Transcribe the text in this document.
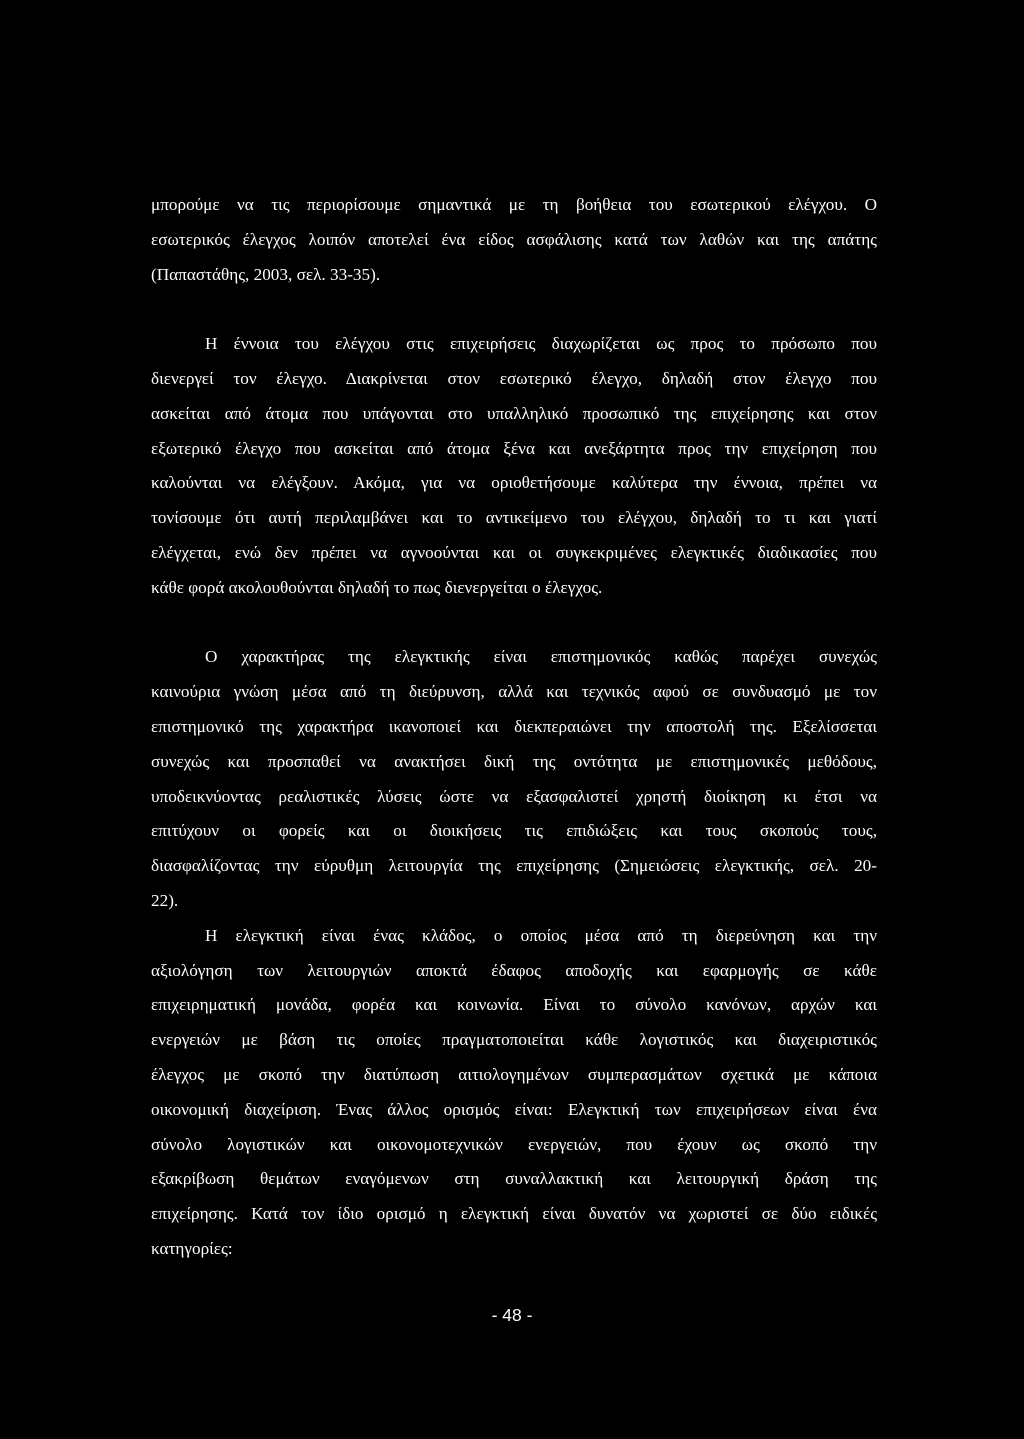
μπορούμε να τις περιορίσουμε σημαντικά με τη βοήθεια του εσωτερικού ελέγχου. Ο
εσωτερικός έλεγχος λοιπόν αποτελεί ένα είδος ασφάλισης κατά των λαθών και της απάτης
(Παπαστάθης, 2003, σελ. 33-35).
Η έννοια του ελέγχου στις επιχειρήσεις διαχωρίζεται ως προς το πρόσωπο που
διενεργεί τον έλεγχο. Διακρίνεται στον εσωτερικό έλεγχο, δηλαδή στον έλεγχο που
ασκείται από άτομα που υπάγονται στο υπαλληλικό προσωπικό της επιχείρησης και στον
εξωτερικό έλεγχο που ασκείται από άτομα ξένα και ανεξάρτητα προς την επιχείρηση που
καλούνται να ελέγξουν. Ακόμα, για να οριοθετήσουμε καλύτερα την έννοια, πρέπει να
τονίσουμε ότι αυτή περιλαμβάνει και το αντικείμενο του ελέγχου, δηλαδή το τι και γιατί
ελέγχεται, ενώ δεν πρέπει να αγνοούνται και οι συγκεκριμένες ελεγκτικές διαδικασίες που
κάθε φορά ακολουθούνται δηλαδή το πως διενεργείται ο έλεγχος.
Ο χαρακτήρας της ελεγκτικής είναι επιστημονικός καθώς παρέχει συνεχώς
καινούρια γνώση μέσα από τη διεύρυνση, αλλά και τεχνικός αφού σε συνδυασμό με τον
επιστημονικό της χαρακτήρα ικανοποιεί και διεκπεραιώνει την αποστολή της. Εξελίσσεται
συνεχώς και προσπαθεί να ανακτήσει δική της οντότητα με επιστημονικές μεθόδους,
υποδεικνύοντας ρεαλιστικές λύσεις ώστε να εξασφαλιστεί χρηστή διοίκηση κι έτσι να
επιτύχουν οι φορείς και οι διοικήσεις τις επιδιώξεις και τους σκοπούς τους,
διασφαλίζοντας την εύρυθμη λειτουργία της επιχείρησης (Σημειώσεις ελεγκτικής, σελ. 20-
22).
Η ελεγκτική είναι ένας κλάδος, ο οποίος μέσα από τη διερεύνηση και την
αξιολόγηση των λειτουργιών αποκτά έδαφος αποδοχής και εφαρμογής σε κάθε
επιχειρηματική μονάδα, φορέα και κοινωνία. Είναι το σύνολο κανόνων, αρχών και
ενεργειών με βάση τις οποίες πραγματοποιείται κάθε λογιστικός και διαχειριστικός
έλεγχος με σκοπό την διατύπωση αιτιολογημένων συμπερασμάτων σχετικά με κάποια
οικονομική διαχείριση. Ένας άλλος ορισμός είναι: Ελεγκτική των επιχειρήσεων είναι ένα
σύνολο λογιστικών και οικονομοτεχνικών ενεργειών, που έχουν ως σκοπό την
εξακρίβωση θεμάτων εναγόμενων στη συναλλακτική και λειτουργική δράση της
επιχείρησης. Κατά τον ίδιο ορισμό η ελεγκτική είναι δυνατόν να χωριστεί σε δύο ειδικές
κατηγορίες:
- 48 -
